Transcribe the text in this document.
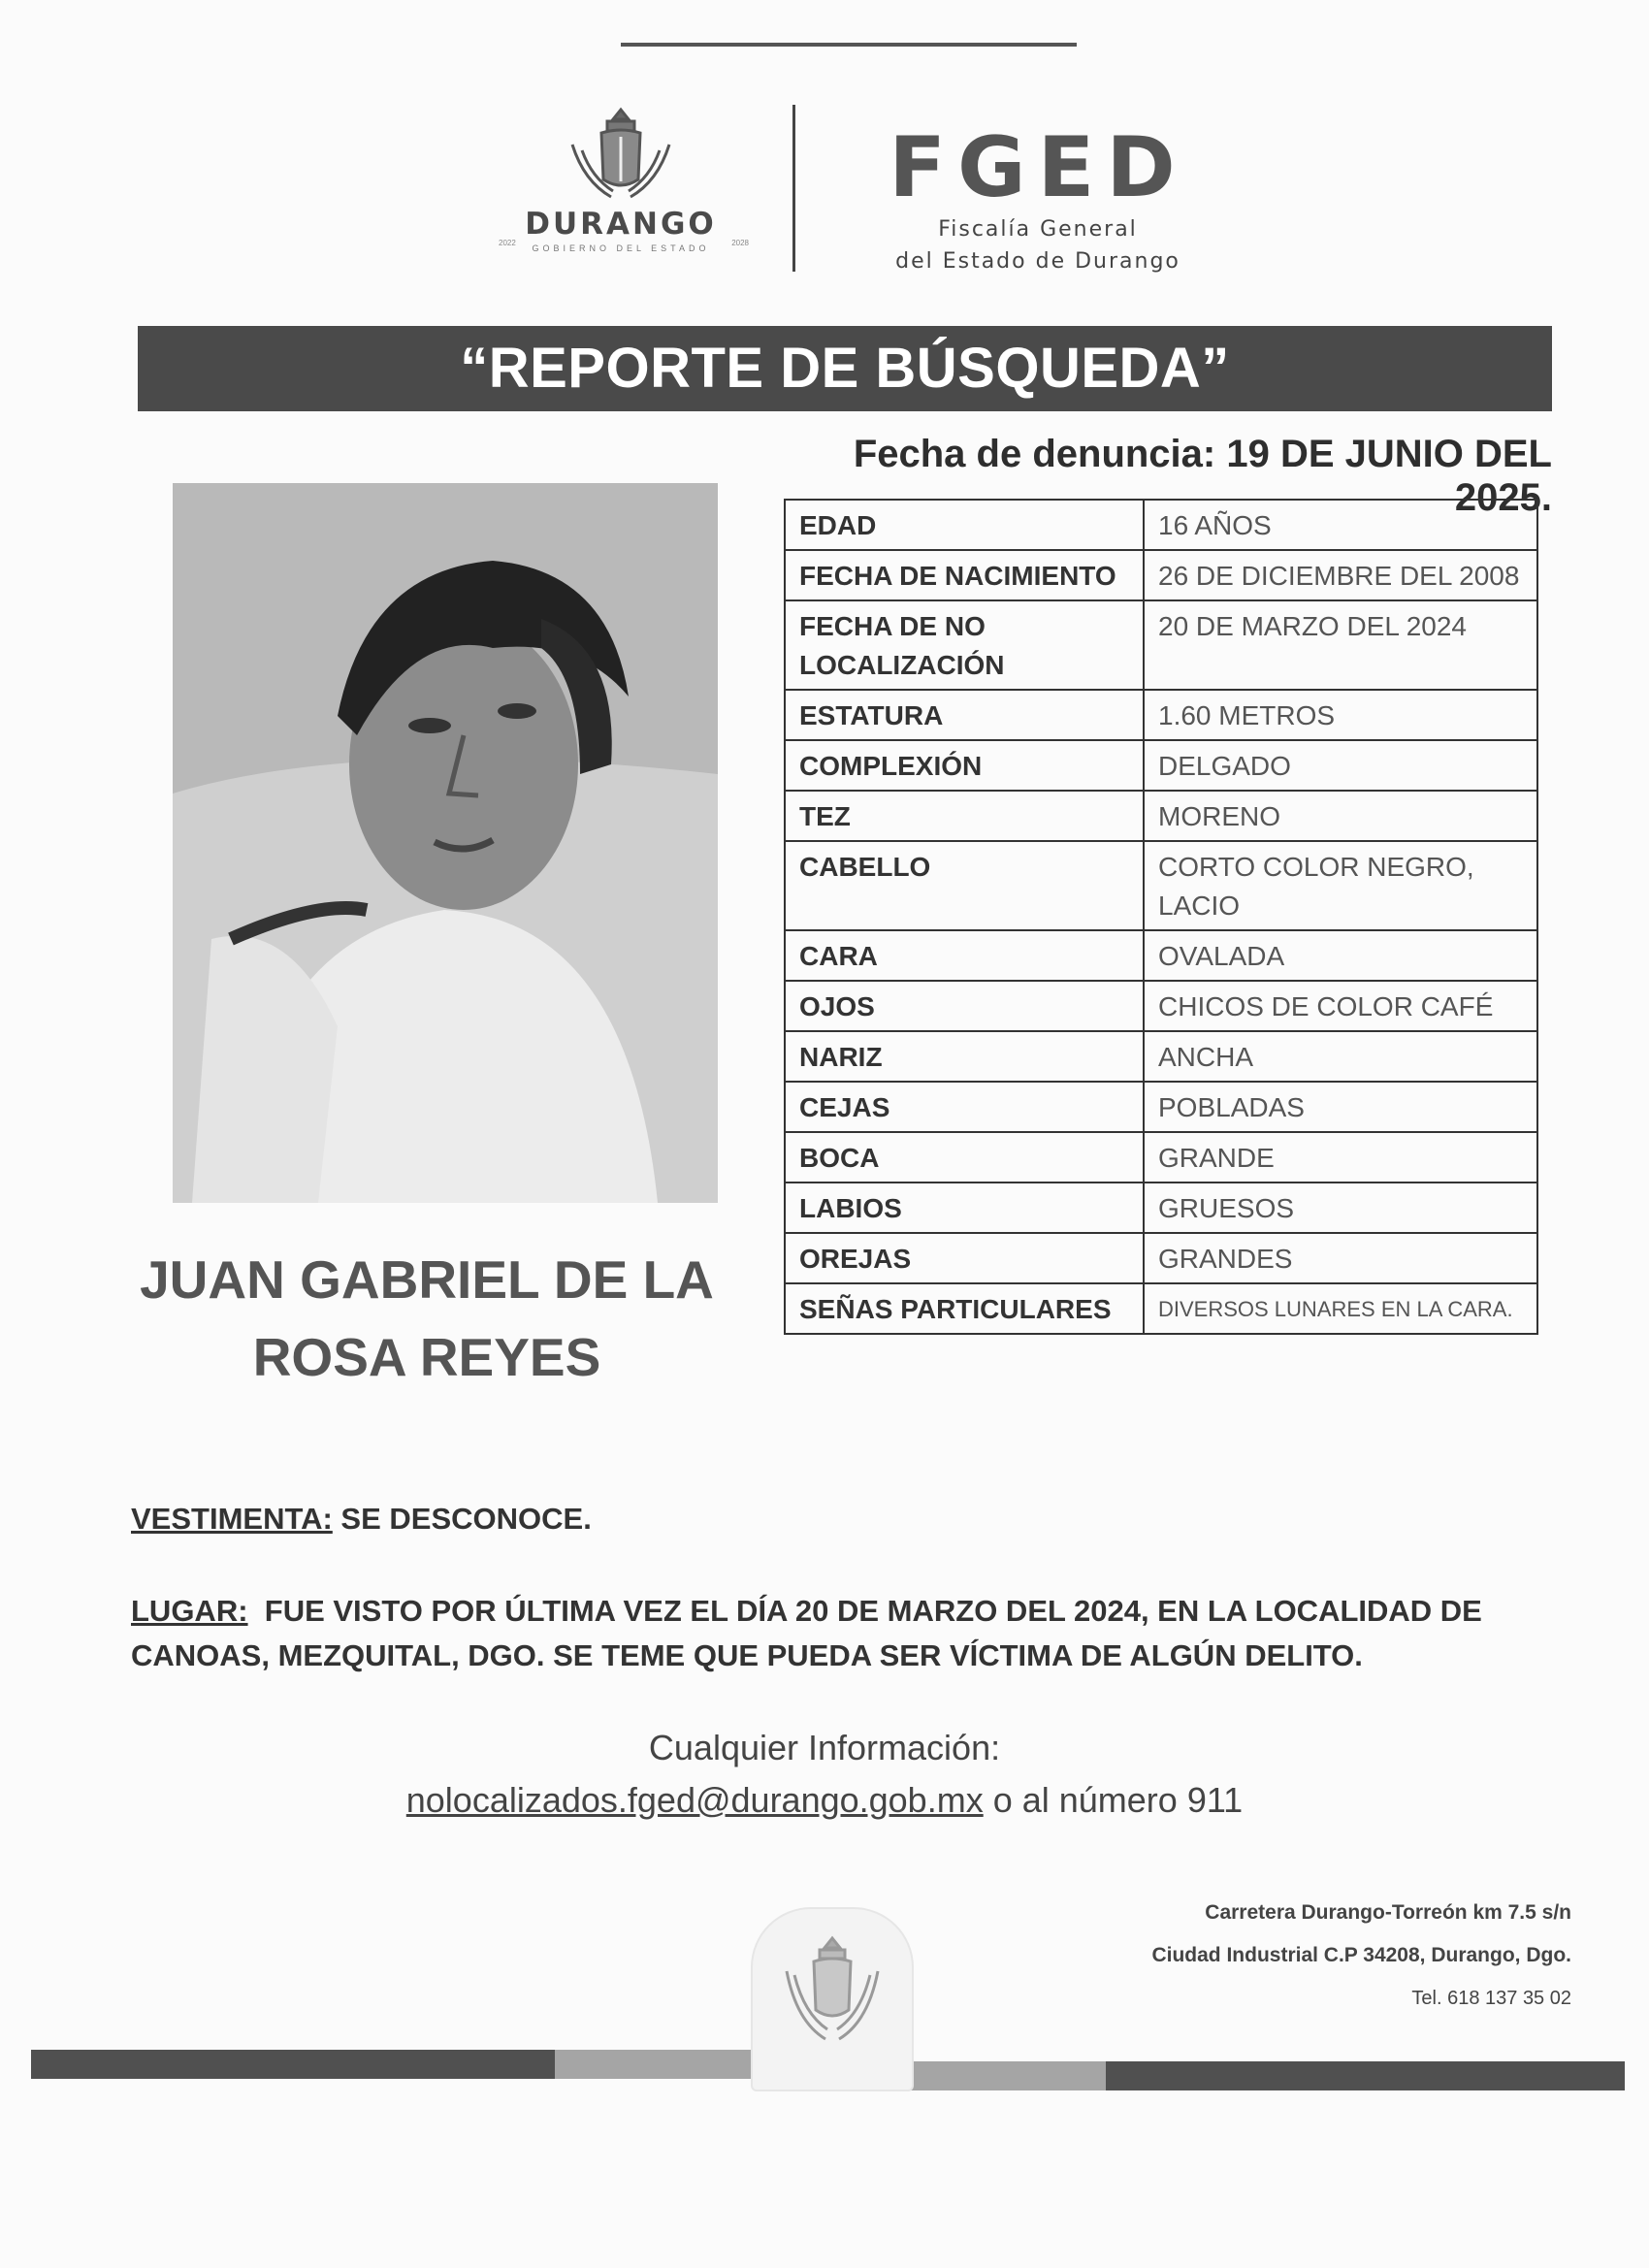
DURANGO
GOBIERNO DEL ESTADO
2022	2028
FGED
Fiscalía General
del Estado de Durango
“REPORTE DE BÚSQUEDA”
Fecha de denuncia: 19 DE JUNIO DEL 2025.
EDAD	16 AÑOS
FECHA DE NACIMIENTO	26 DE DICIEMBRE DEL 2008
FECHA DE NO LOCALIZACIÓN	20 DE MARZO DEL 2024
ESTATURA	1.60 METROS
COMPLEXIÓN	DELGADO
TEZ	MORENO
CABELLO	CORTO COLOR NEGRO, LACIO
CARA	OVALADA
OJOS	CHICOS DE COLOR CAFÉ
NARIZ	ANCHA
CEJAS	POBLADAS
BOCA	GRANDE
LABIOS	GRUESOS
OREJAS	GRANDES
SEÑAS PARTICULARES	DIVERSOS LUNARES EN LA CARA.
JUAN GABRIEL DE LA
ROSA REYES
VESTIMENTA: SE DESCONOCE.
LUGAR:  FUE VISTO POR ÚLTIMA VEZ EL DÍA 20 DE MARZO DEL 2024, EN LA LOCALIDAD DE CANOAS, MEZQUITAL, DGO. SE TEME QUE PUEDA SER VÍCTIMA DE ALGÚN DELITO.
Cualquier Información:
nolocalizados.fged@durango.gob.mx o al número 911
Carretera Durango-Torreón km 7.5 s/n
Ciudad Industrial C.P 34208, Durango, Dgo.
Tel. 618 137 35 02
